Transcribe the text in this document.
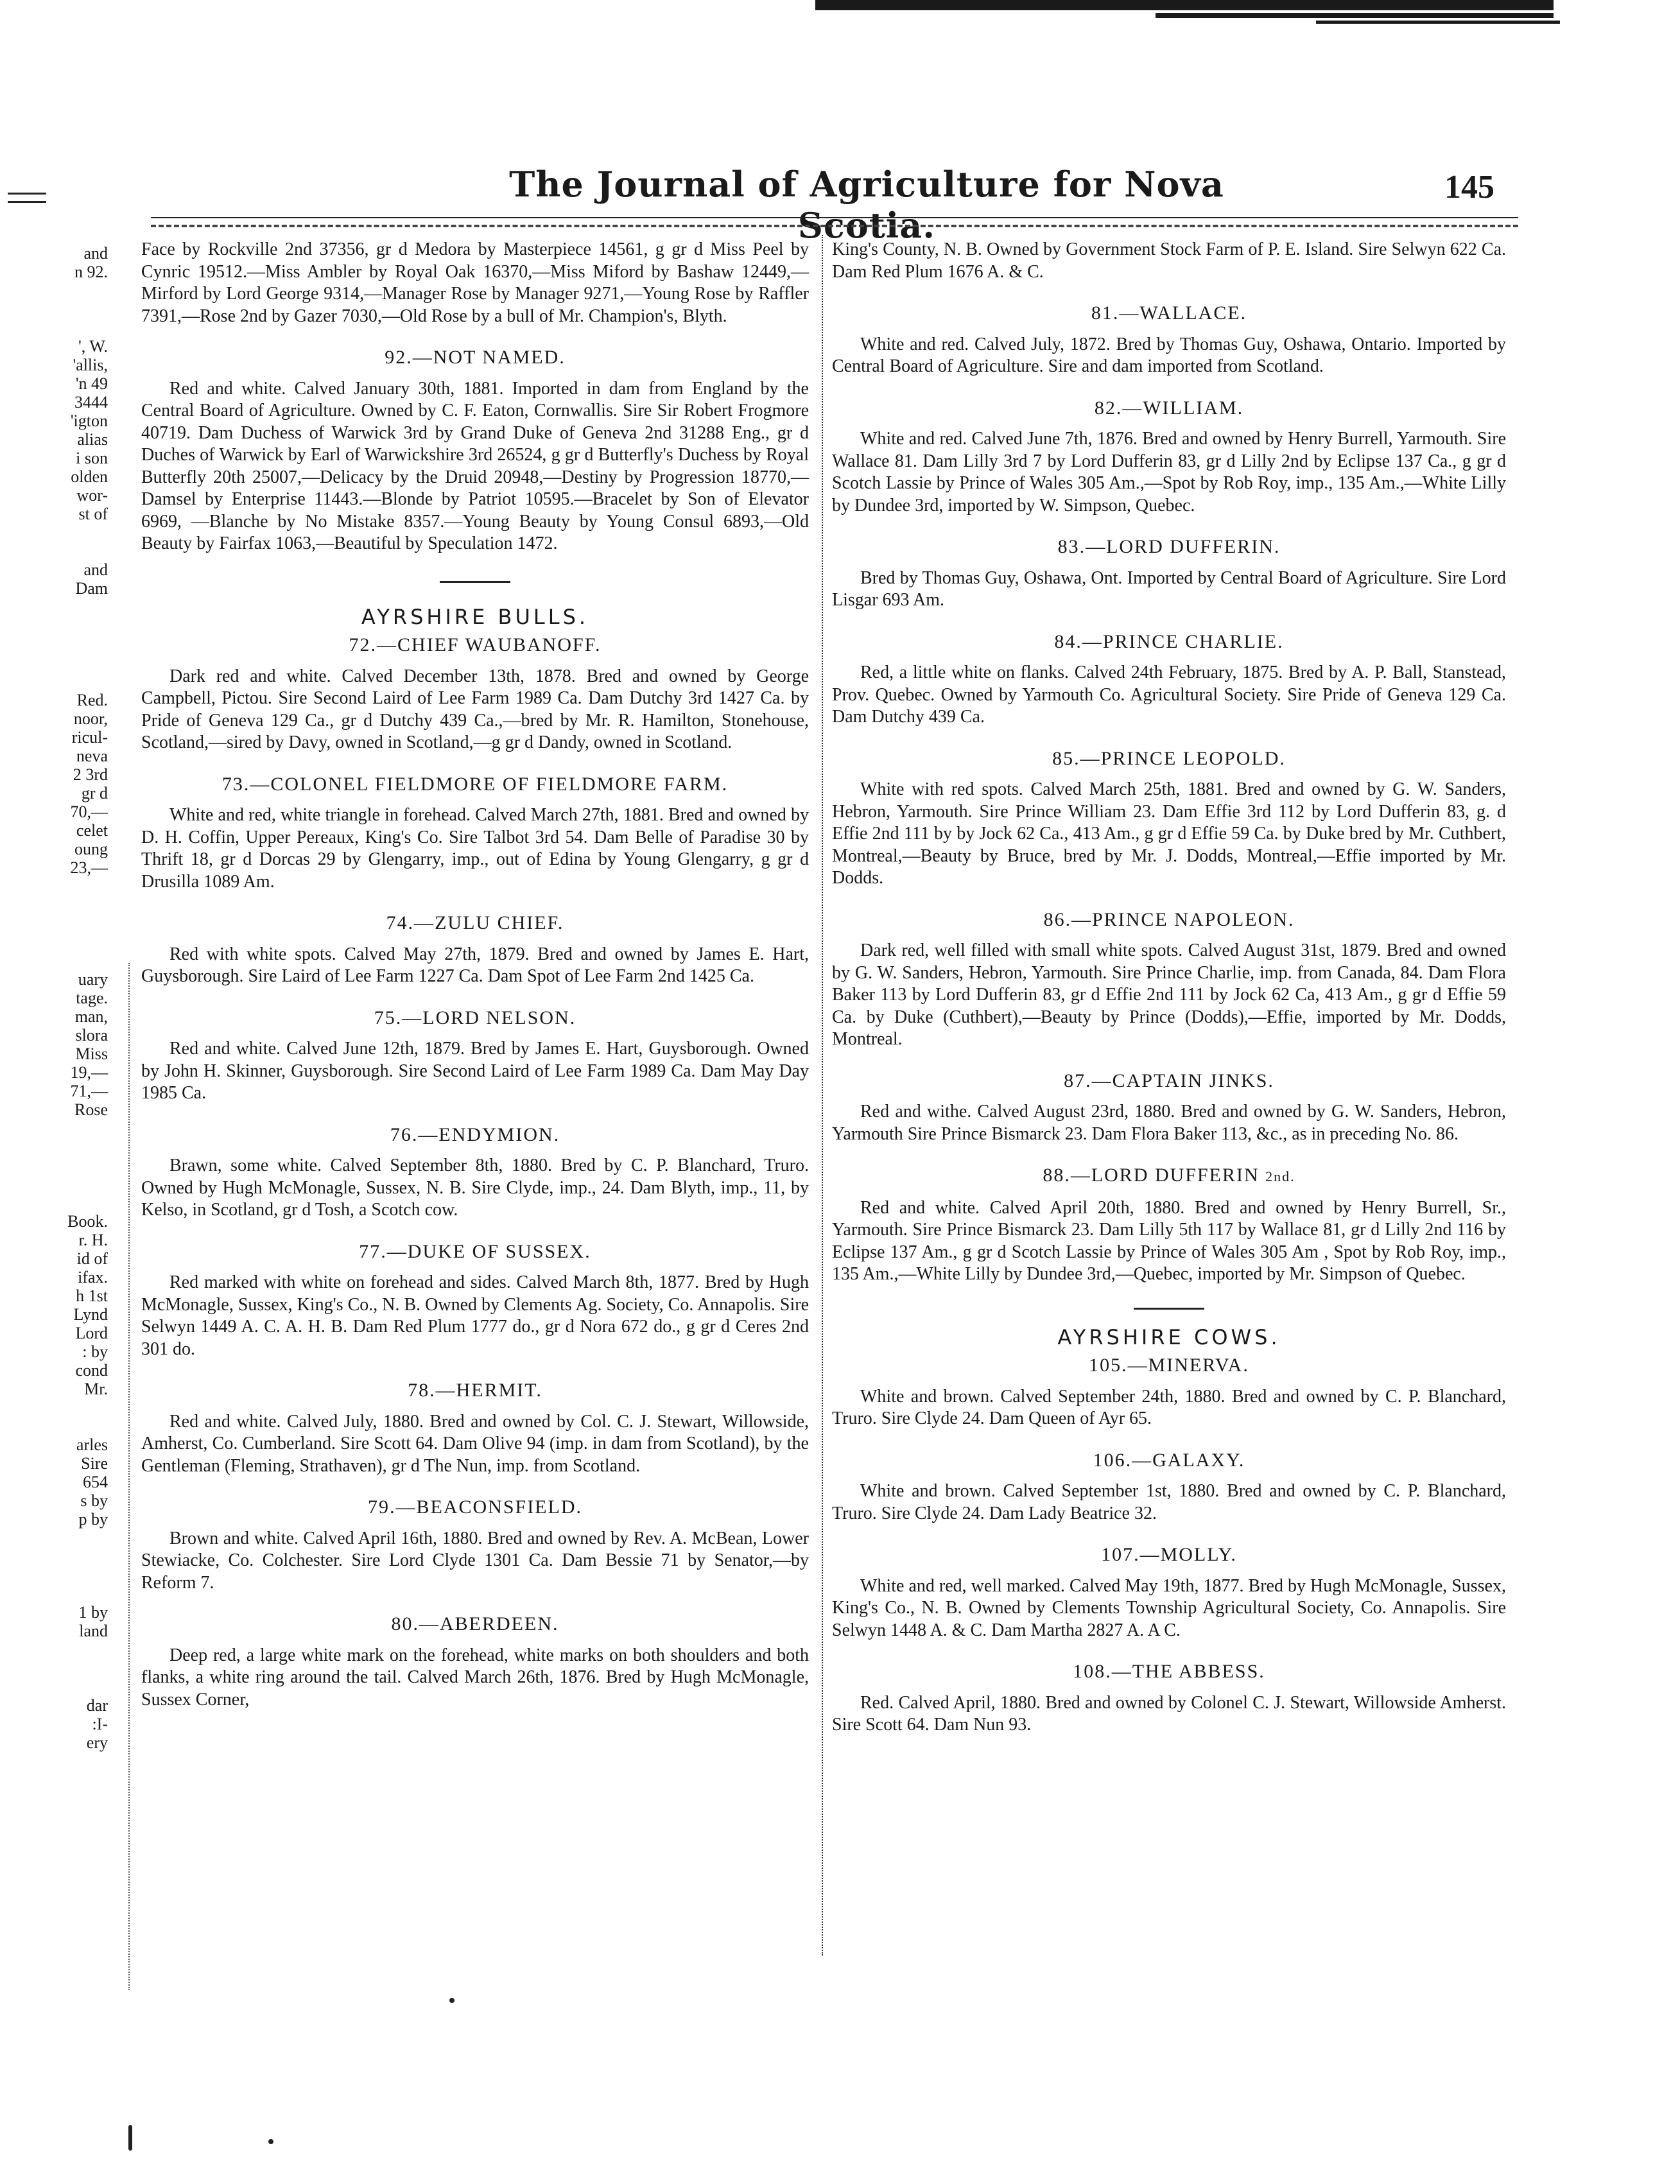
The Journal of Agriculture for Nova Scotia.
145
and
n 92.
', W.
'allis,
'n 49
3444
'igton
alias
i son
olden
wor-
st of
and
Dam
Red.
noor,
ricul-
neva
2 3rd
gr d
70,—
celet
oung
23,—
uary
tage.
man,
slora
Miss
19,—
71,—
Rose
Book.
r. H.
id of
ifax.
h 1st
Lynd
Lord
: by
cond
Mr.
arles
Sire
654
s by
p by
1 by
land
dar
:I-
ery

Face by Rockville 2nd 37356, gr d Medora by Masterpiece 14561, g gr d Miss Peel by Cynric 19512.—Miss Ambler by Royal Oak 16370,—Miss Miford by Bashaw 12449,—Mirford by Lord George 9314,—Manager Rose by Manager 9271,—Young Rose by Raffler 7391,—Rose 2nd by Gazer 7030,—Old Rose by a bull of Mr. Champion's, Blyth.

92.—NOT NAMED.

Red and white. Calved January 30th, 1881. Imported in dam from England by the Central Board of Agriculture. Owned by C. F. Eaton, Cornwallis. Sire Sir Robert Frogmore 40719. Dam Duchess of Warwick 3rd by Grand Duke of Geneva 2nd 31288 Eng., gr d Duches of Warwick by Earl of Warwickshire 3rd 26524, g gr d Butterfly's Duchess by Royal Butterfly 20th 25007,—Delicacy by the Druid 20948,—Destiny by Progression 18770,—Damsel by Enterprise 11443.—Blonde by Patriot 10595.—Bracelet by Son of Elevator 6969, —Blanche by No Mistake 8357.—Young Beauty by Young Consul 6893,—Old Beauty by Fairfax 1063,—Beautiful by Speculation 1472.

AYRSHIRE BULLS.
72.—CHIEF WAUBANOFF.

Dark red and white. Calved December 13th, 1878. Bred and owned by George Campbell, Pictou. Sire Second Laird of Lee Farm 1989 Ca. Dam Dutchy 3rd 1427 Ca. by Pride of Geneva 129 Ca., gr d Dutchy 439 Ca.,—bred by Mr. R. Hamilton, Stonehouse, Scotland,—sired by Davy, owned in Scotland,—g gr d Dandy, owned in Scotland.

73.—COLONEL FIELDMORE OF FIELDMORE FARM.

White and red, white triangle in forehead. Calved March 27th, 1881. Bred and owned by D. H. Coffin, Upper Pereaux, King's Co. Sire Talbot 3rd 54. Dam Belle of Paradise 30 by Thrift 18, gr d Dorcas 29 by Glengarry, imp., out of Edina by Young Glengarry, g gr d Drusilla 1089 Am.

74.—ZULU CHIEF.

Red with white spots. Calved May 27th, 1879. Bred and owned by James E. Hart, Guysborough. Sire Laird of Lee Farm 1227 Ca. Dam Spot of Lee Farm 2nd 1425 Ca.

75.—LORD NELSON.

Red and white. Calved June 12th, 1879. Bred by James E. Hart, Guysborough. Owned by John H. Skinner, Guysborough. Sire Second Laird of Lee Farm 1989 Ca. Dam May Day 1985 Ca.

76.—ENDYMION.

Brawn, some white. Calved September 8th, 1880. Bred by C. P. Blanchard, Truro. Owned by Hugh McMonagle, Sussex, N. B. Sire Clyde, imp., 24. Dam Blyth, imp., 11, by Kelso, in Scotland, gr d Tosh, a Scotch cow.

77.—DUKE OF SUSSEX.

Red marked with white on forehead and sides. Calved March 8th, 1877. Bred by Hugh McMonagle, Sussex, King's Co., N. B. Owned by Clements Ag. Society, Co. Annapolis. Sire Selwyn 1449 A. C. A. H. B. Dam Red Plum 1777 do., gr d Nora 672 do., g gr d Ceres 2nd 301 do.

78.—HERMIT.

Red and white. Calved July, 1880. Bred and owned by Col. C. J. Stewart, Willowside, Amherst, Co. Cumberland. Sire Scott 64. Dam Olive 94 (imp. in dam from Scotland), by the Gentleman (Fleming, Strathaven), gr d The Nun, imp. from Scotland.

79.—BEACONSFIELD.

Brown and white. Calved April 16th, 1880. Bred and owned by Rev. A. McBean, Lower Stewiacke, Co. Colchester. Sire Lord Clyde 1301 Ca. Dam Bessie 71 by Senator,—by Reform 7.

80.—ABERDEEN.

Deep red, a large white mark on the forehead, white marks on both shoulders and both flanks, a white ring around the tail. Calved March 26th, 1876. Bred by Hugh McMonagle, Sussex Corner,

King's County, N. B. Owned by Government Stock Farm of P. E. Island. Sire Selwyn 622 Ca. Dam Red Plum 1676 A. & C.

81.—WALLACE.

White and red. Calved July, 1872. Bred by Thomas Guy, Oshawa, Ontario. Imported by Central Board of Agriculture. Sire and dam imported from Scotland.

82.—WILLIAM.

White and red. Calved June 7th, 1876. Bred and owned by Henry Burrell, Yarmouth. Sire Wallace 81. Dam Lilly 3rd 7 by Lord Dufferin 83, gr d Lilly 2nd by Eclipse 137 Ca., g gr d Scotch Lassie by Prince of Wales 305 Am.,—Spot by Rob Roy, imp., 135 Am.,—White Lilly by Dundee 3rd, imported by W. Simpson, Quebec.

83.—LORD DUFFERIN.

Bred by Thomas Guy, Oshawa, Ont. Imported by Central Board of Agriculture. Sire Lord Lisgar 693 Am.

84.—PRINCE CHARLIE.

Red, a little white on flanks. Calved 24th February, 1875. Bred by A. P. Ball, Stanstead, Prov. Quebec. Owned by Yarmouth Co. Agricultural Society. Sire Pride of Geneva 129 Ca. Dam Dutchy 439 Ca.

85.—PRINCE LEOPOLD.

White with red spots. Calved March 25th, 1881. Bred and owned by G. W. Sanders, Hebron, Yarmouth. Sire Prince William 23. Dam Effie 3rd 112 by Lord Dufferin 83, g. d Effie 2nd 111 by by Jock 62 Ca., 413 Am., g gr d Effie 59 Ca. by Duke bred by Mr. Cuthbert, Montreal,—Beauty by Bruce, bred by Mr. J. Dodds, Montreal,—Effie imported by Mr. Dodds.

86.—PRINCE NAPOLEON.

Dark red, well filled with small white spots. Calved August 31st, 1879. Bred and owned by G. W. Sanders, Hebron, Yarmouth. Sire Prince Charlie, imp. from Canada, 84. Dam Flora Baker 113 by Lord Dufferin 83, gr d Effie 2nd 111 by Jock 62 Ca, 413 Am., g gr d Effie 59 Ca. by Duke (Cuthbert),—Beauty by Prince (Dodds),—Effie, imported by Mr. Dodds, Montreal.

87.—CAPTAIN JINKS.

Red and withe. Calved August 23rd, 1880. Bred and owned by G. W. Sanders, Hebron, Yarmouth Sire Prince Bismarck 23. Dam Flora Baker 113, &c., as in preceding No. 86.

88.—LORD DUFFERIN 2nd.

Red and white. Calved April 20th, 1880. Bred and owned by Henry Burrell, Sr., Yarmouth. Sire Prince Bismarck 23. Dam Lilly 5th 117 by Wallace 81, gr d Lilly 2nd 116 by Eclipse 137 Am., g gr d Scotch Lassie by Prince of Wales 305 Am , Spot by Rob Roy, imp., 135 Am.,—White Lilly by Dundee 3rd,—Quebec, imported by Mr. Simpson of Quebec.

AYRSHIRE COWS.
105.—MINERVA.

White and brown. Calved September 24th, 1880. Bred and owned by C. P. Blanchard, Truro. Sire Clyde 24. Dam Queen of Ayr 65.

106.—GALAXY.

White and brown. Calved September 1st, 1880. Bred and owned by C. P. Blanchard, Truro. Sire Clyde 24. Dam Lady Beatrice 32.

107.—MOLLY.

White and red, well marked. Calved May 19th, 1877. Bred by Hugh McMonagle, Sussex, King's Co., N. B. Owned by Clements Township Agricultural Society, Co. Annapolis. Sire Selwyn 1448 A. & C. Dam Martha 2827 A. A C.

108.—THE ABBESS.

Red. Calved April, 1880. Bred and owned by Colonel C. J. Stewart, Willowside Amherst. Sire Scott 64. Dam Nun 93.
